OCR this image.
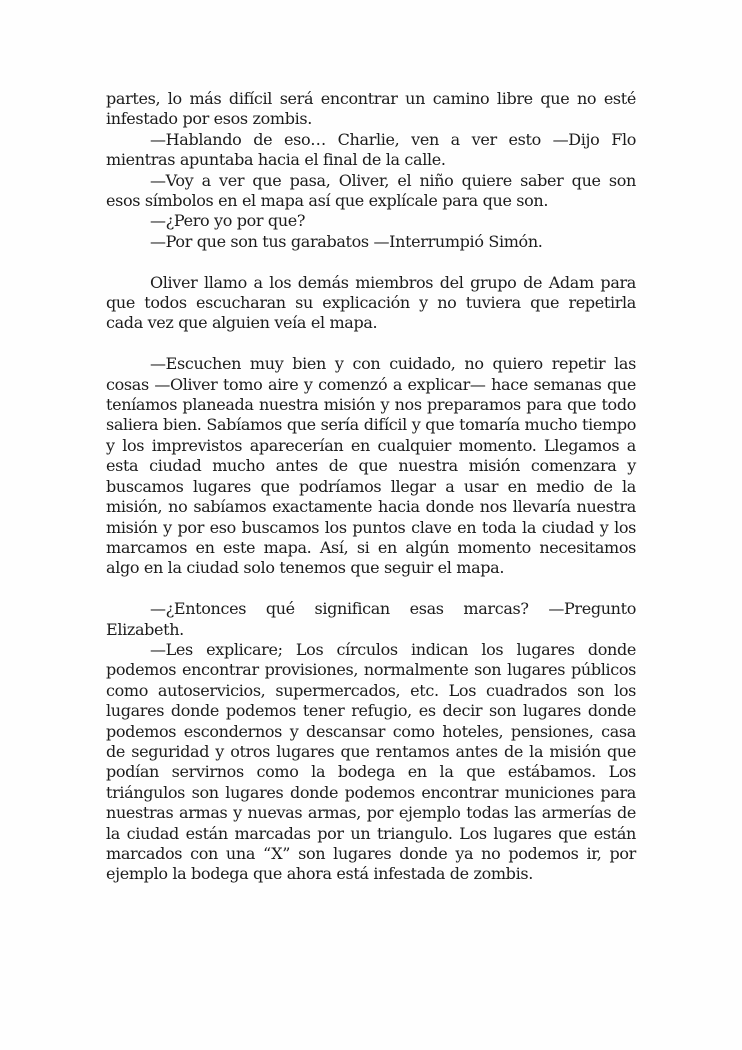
partes, lo más difícil será encontrar un camino libre que no esté infestado por esos zombis.

—Hablando de eso… Charlie, ven a ver esto —Dijo Flo mientras apuntaba hacia el final de la calle.

—Voy a ver que pasa, Oliver, el niño quiere saber que son esos símbolos en el mapa así que explícale para que son.

—¿Pero yo por que?

—Por que son tus garabatos —Interrumpió Simón.

Oliver llamo a los demás miembros del grupo de Adam para que todos escucharan su explicación y no tuviera que repetirla cada vez que alguien veía el mapa.

—Escuchen muy bien y con cuidado, no quiero repetir las cosas —Oliver tomo aire y comenzó a explicar— hace semanas que teníamos planeada nuestra misión y nos preparamos para que todo saliera bien. Sabíamos que sería difícil y que tomaría mucho tiempo y los imprevistos aparecerían en cualquier momento. Llegamos a esta ciudad mucho antes de que nuestra misión comenzara y buscamos lugares que podríamos llegar a usar en medio de la misión, no sabíamos exactamente hacia donde nos llevaría nuestra misión y por eso buscamos los puntos clave en toda la ciudad y los marcamos en este mapa. Así, si en algún momento necesitamos algo en la ciudad solo tenemos que seguir el mapa.

—¿Entonces qué significan esas marcas? —Pregunto Elizabeth.

—Les explicare; Los círculos indican los lugares donde podemos encontrar provisiones, normalmente son lugares públicos como autoservicios, supermercados, etc. Los cuadrados son los lugares donde podemos tener refugio, es decir son lugares donde podemos escondernos y descansar como hoteles, pensiones, casa de seguridad y otros lugares que rentamos antes de la misión que podían servirnos como la bodega en la que estábamos. Los triángulos son lugares donde podemos encontrar municiones para nuestras armas y nuevas armas, por ejemplo todas las armerías de la ciudad están marcadas por un triangulo. Los lugares que están marcados con una “X” son lugares donde ya no podemos ir, por ejemplo la bodega que ahora está infestada de zombis.
